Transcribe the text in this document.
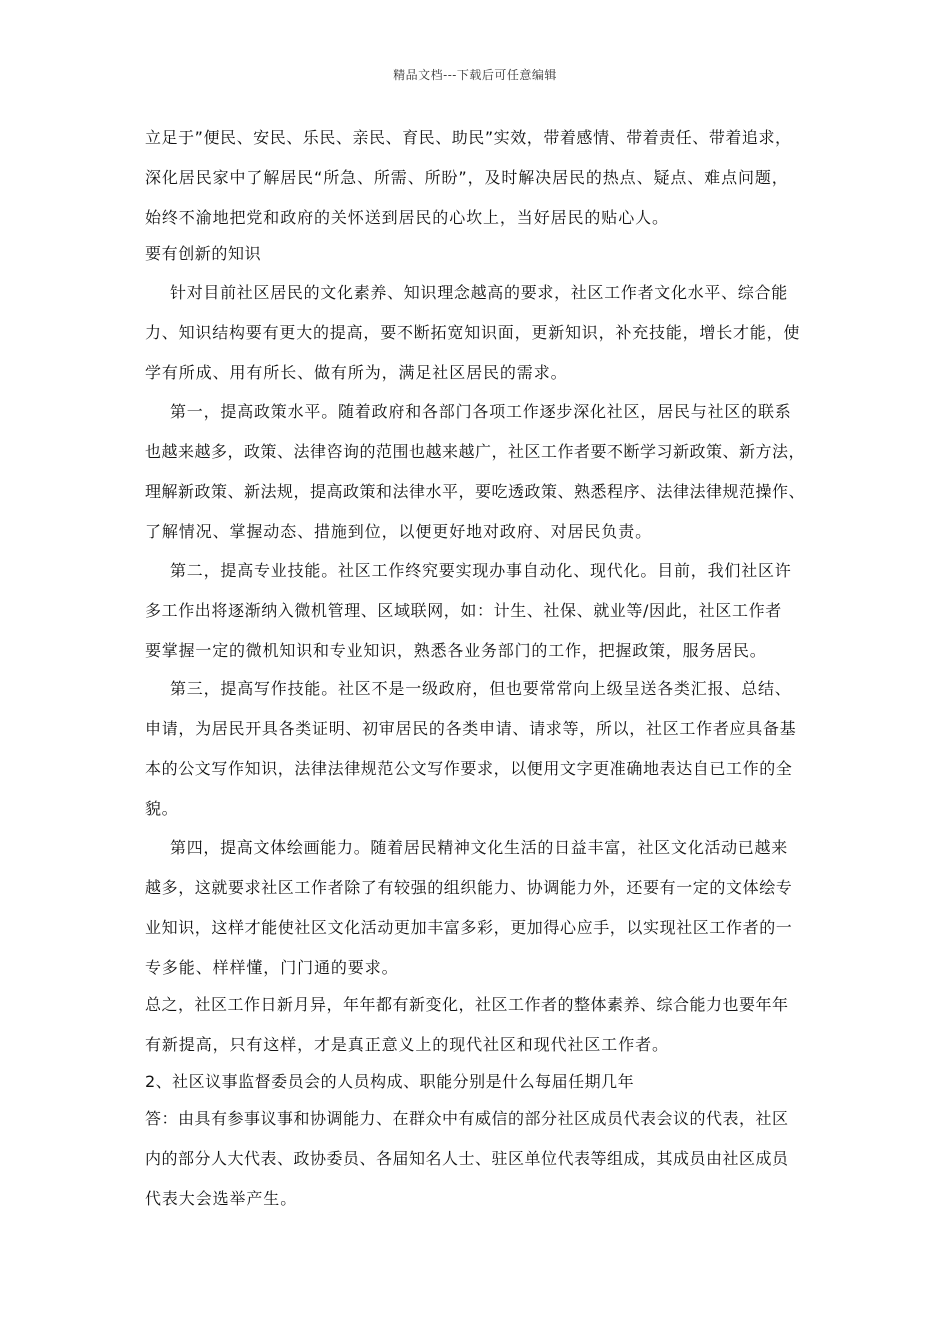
精品文档---下载后可任意编辑
立足于”便民、安民、乐民、亲民、育民、助民”实效，带着感情、带着责任、带着追求，
深化居民家中了解居民“所急、所需、所盼”，及时解决居民的热点、疑点、难点问题，
始终不渝地把党和政府的关怀送到居民的心坎上，当好居民的贴心人。
要有创新的知识
针对目前社区居民的文化素养、知识理念越高的要求，社区工作者文化水平、综合能
力、知识结构要有更大的提高，要不断拓宽知识面，更新知识，补充技能，增长才能，使
学有所成、用有所长、做有所为，满足社区居民的需求。
第一，提高政策水平。随着政府和各部门各项工作逐步深化社区，居民与社区的联系
也越来越多，政策、法律咨询的范围也越来越广，社区工作者要不断学习新政策、新方法，
理解新政策、新法规，提高政策和法律水平，要吃透政策、熟悉程序、法律法律规范操作、
了解情况、掌握动态、措施到位，以便更好地对政府、对居民负责。
第二，提高专业技能。社区工作终究要实现办事自动化、现代化。目前，我们社区许
多工作出将逐渐纳入微机管理、区域联网，如：计生、社保、就业等/因此，社区工作者
要掌握一定的微机知识和专业知识，熟悉各业务部门的工作，把握政策，服务居民。
第三，提高写作技能。社区不是一级政府，但也要常常向上级呈送各类汇报、总结、
申请，为居民开具各类证明、初审居民的各类申请、请求等，所以，社区工作者应具备基
本的公文写作知识，法律法律规范公文写作要求，以便用文字更准确地表达自已工作的全
貌。
第四，提高文体绘画能力。随着居民精神文化生活的日益丰富，社区文化活动已越来
越多，这就要求社区工作者除了有较强的组织能力、协调能力外，还要有一定的文体绘专
业知识，这样才能使社区文化活动更加丰富多彩，更加得心应手，以实现社区工作者的一
专多能、样样懂，门门通的要求。
总之，社区工作日新月异，年年都有新变化，社区工作者的整体素养、综合能力也要年年
有新提高，只有这样，才是真正意义上的现代社区和现代社区工作者。
2、社区议事监督委员会的人员构成、职能分别是什么每届任期几年
答：由具有参事议事和协调能力、在群众中有威信的部分社区成员代表会议的代表，社区
内的部分人大代表、政协委员、各届知名人士、驻区单位代表等组成，其成员由社区成员
代表大会选举产生。
